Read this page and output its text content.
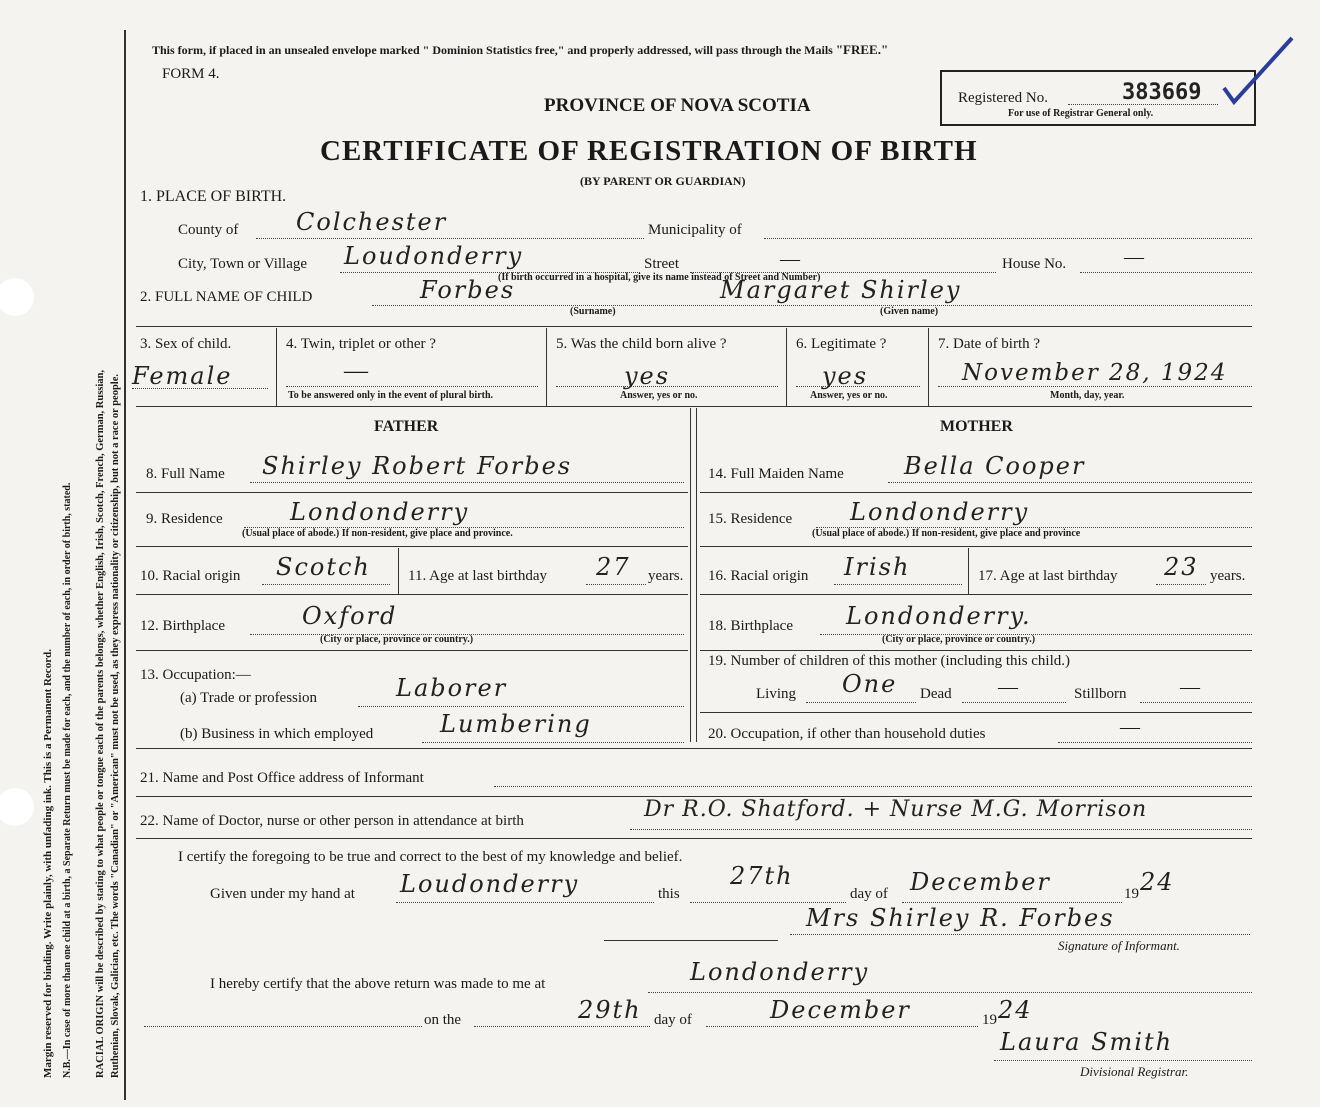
Margin reserved for binding. Write plainly, with unfading ink. This is a Permanent Record. N.B.—In case of more than one child at a birth, a Separate Return must be made for each, and the number of each, in order of birth, stated. RACIAL ORIGIN will be described by stating to what people or tongue each of the parents belongs, whether English, Irish, Scotch, French, German, Russian, Ruthenian, Slovak, Galician, etc. The words "Canadian" or "American" must not be used, as they express nationality or citizenship, but not a race or people.
This form, if placed in an unsealed envelope marked " Dominion Statistics free," and properly addressed, will pass through the Mails "FREE."
FORM 4.
PROVINCE OF NOVA SCOTIA
CERTIFICATE OF REGISTRATION OF BIRTH
(BY PARENT OR GUARDIAN)
Registered No.	383669
For use of Registrar General only.
1. PLACE OF BIRTH.
County of Colchester	Municipality of
City, Town or Village Loudonderry	Street	—	House No.	—
(If birth occurred in a hospital, give its name instead of Street and Number)
2. FULL NAME OF CHILD	Forbes
(Surname)
Margaret Shirley
(Given name)
3. Sex of child.
Female
4. Twin, triplet or other ?
—
To be answered only in the event of plural birth.
5. Was the child born alive ?
yes
Answer, yes or no.
6. Legitimate ?
yes
Answer, yes or no.
7. Date of birth ?
November 28, 1924
Month, day, year.
FATHER	MOTHER
8. Full Name Shirley Robert Forbes
9. Residence	Londonderry
(Usual place of abode.) If non-resident, give place and province.
10. Racial origin Scotch 11. Age at last birthday 27 years.
12. Birthplace	Oxford
(City or place, province or country.)
13. Occupation:—
(a) Trade or profession	Laborer
(b) Business in which employed	Lumbering
14. Full Maiden Name	Bella Cooper
15. Residence Londonderry
(Usual place of abode.) If non-resident, give place and province
16. Racial origin Irish	17. Age at last birthday 23 years.
18. Birthplace Londonderry.
(City or place, province or country.)
19. Number of children of this mother (including this child.)
Living One Dead —	Stillborn	—
20. Occupation, if other than household duties	—
21. Name and Post Office address of Informant
22. Name of Doctor, nurse or other person in attendance at birth	Dr R.O. Shatford. + Nurse M.G. Morrison
I certify the foregoing to be true and correct to the best of my knowledge and belief.
Given under my hand at Loudonderry	this
27th
day of December	19 24
Mrs Shirley R. Forbes
Signature of Informant.
I hereby certify that the above return was made to me at	Londonderry
on the	29th day of	December	19 24
Laura Smith
Divisional Registrar.
